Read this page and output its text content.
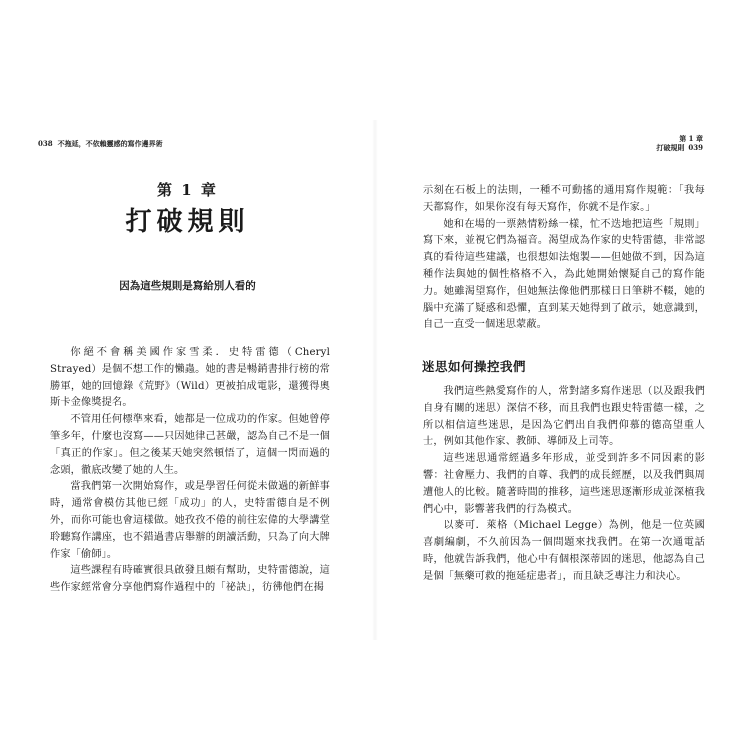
038 不拖延，不依賴靈感的寫作邊界術
第 1 章
打破規則
因為這些規則是寫給別人看的

你絕不會稱美國作家雪柔．史特雷德（Cheryl Strayed）是個不想工作的懶蟲。她的書是暢銷書排行榜的常勝軍，她的回憶錄《荒野》（Wild）更被拍成電影，還獲得奧斯卡金像獎提名。

不管用任何標準來看，她都是一位成功的作家。但她曾停筆多年，什麼也沒寫——只因她律己甚嚴，認為自己不是一個「真正的作家」。但之後某天她突然頓悟了，這個一閃而過的念頭，徹底改變了她的人生。

當我們第一次開始寫作，或是學習任何從未做過的新鮮事時，通常會模仿其他已經「成功」的人，史特雷德自是不例外，而你可能也會這樣做。她孜孜不倦的前往宏偉的大學講堂聆聽寫作講座，也不錯過書店舉辦的朗讀活動，只為了向大牌作家「偷師」。

這些課程有時確實很具啟發且頗有幫助，史特雷德說，這些作家經常會分享他們寫作過程中的「祕訣」，彷彿他們在揭

第 1 章
打破規則 039

示刻在石板上的法則，一種不可動搖的通用寫作規範：「我每天都寫作，如果你沒有每天寫作，你就不是作家。」

她和在場的一票熱情粉絲一樣，忙不迭地把這些「規則」寫下來，並視它們為福音。渴望成為作家的史特雷德，非常認真的看待這些建議，也很想如法炮製——但她做不到，因為這種作法與她的個性格格不入，為此她開始懷疑自己的寫作能力。她雖渴望寫作，但她無法像他們那樣日日筆耕不輟，她的腦中充滿了疑惑和恐懼，直到某天她得到了啟示，她意識到，自己一直受一個迷思蒙蔽。

迷思如何操控我們

我們這些熱愛寫作的人，常對諸多寫作迷思（以及跟我們自身有關的迷思）深信不移，而且我們也跟史特雷德一樣，之所以相信這些迷思，是因為它們出自我們仰慕的德高望重人士，例如其他作家、教師、導師及上司等。

這些迷思通常經過多年形成，並受到許多不同因素的影響：社會壓力、我們的自尊、我們的成長經歷，以及我們與周遭他人的比較。隨著時間的推移，這些迷思逐漸形成並深植我們心中，影響著我們的行為模式。

以麥可．萊格（Michael Legge）為例，他是一位英國喜劇編劇，不久前因為一個問題來找我們。在第一次通電話時，他就告訴我們，他心中有個根深蒂固的迷思，他認為自己是個「無藥可救的拖延症患者」，而且缺乏專注力和決心。
